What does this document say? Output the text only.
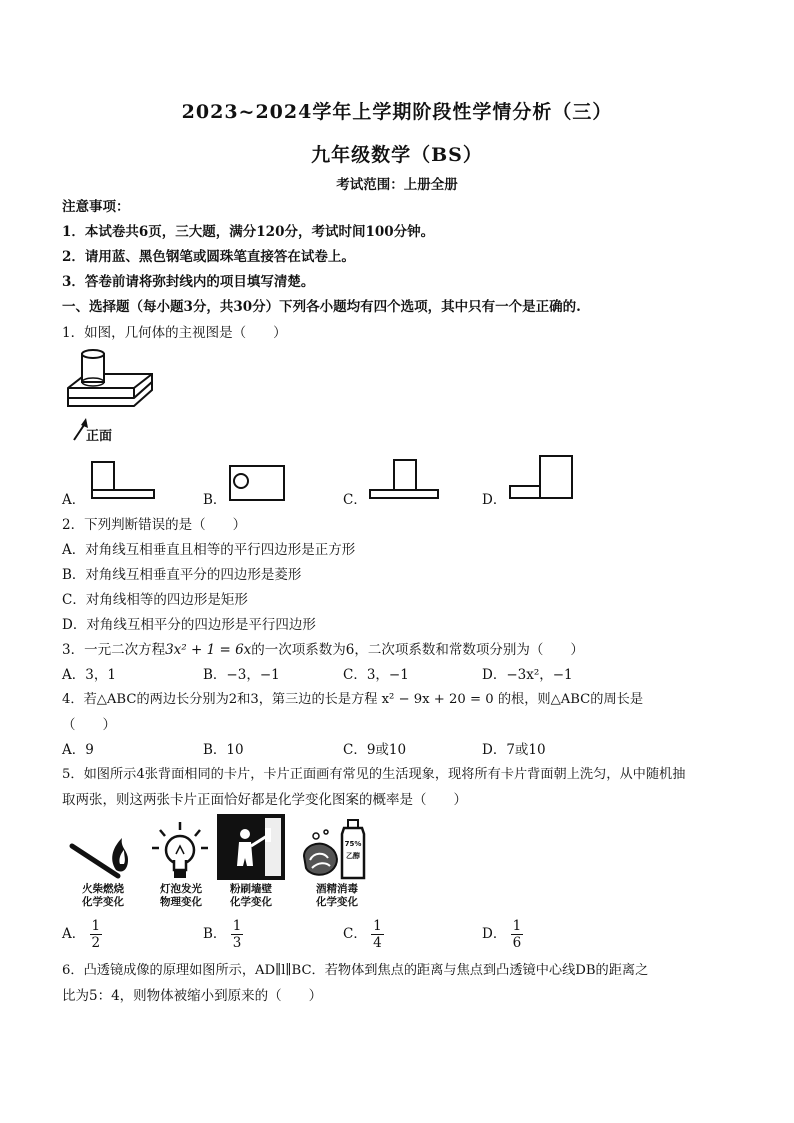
2023~2024学年上学期阶段性学情分析（三）
九年级数学（BS）
考试范围：上册全册
注意事项：
1．本试卷共6页，三大题，满分120分，考试时间100分钟。
2．请用蓝、黑色钢笔或圆珠笔直接答在试卷上。
3．答卷前请将弥封线内的项目填写清楚。
一、选择题（每小题3分，共30分）下列各小题均有四个选项，其中只有一个是正确的.
1．如图，几何体的主视图是（　　）
正面
A．	B．	C．	D．
2．下列判断错误的是（　　）
A．对角线互相垂直且相等的平行四边形是正方形
B．对角线互相垂直平分的四边形是菱形
C．对角线相等的四边形是矩形
D．对角线互相平分的四边形是平行四边形
3．一元二次方程3x² + 1 = 6x的一次项系数为6，二次项系数和常数项分别为（　　）
A．3，1	B．−3，−1	C．3，−1	D．−3x²，−1
4．若△ABC的两边长分别为2和3，第三边的长是方程 x² − 9x + 20 = 0 的根，则△ABC的周长是
（　　）
A．9	B．10	C．9或10	D．7或10
5．如图所示4张背面相同的卡片，卡片正面画有常见的生活现象，现将所有卡片背面朝上洗匀，从中随机抽
取两张，则这两张卡片正面恰好都是化学变化图案的概率是（　　）
火柴燃烧
化学变化
灯泡发光
物理变化
粉刷墙壁
化学变化
75%
乙醇
酒精消毒
化学变化
A． $\frac{1}{2}$	B． $\frac{1}{3}$	C． $\frac{1}{4}$	D． $\frac{1}{6}$
6．凸透镜成像的原理如图所示，AD∥l∥BC．若物体到焦点的距离与焦点到凸透镜中心线DB的距离之
比为5：4，则物体被缩小到原来的（　　）
